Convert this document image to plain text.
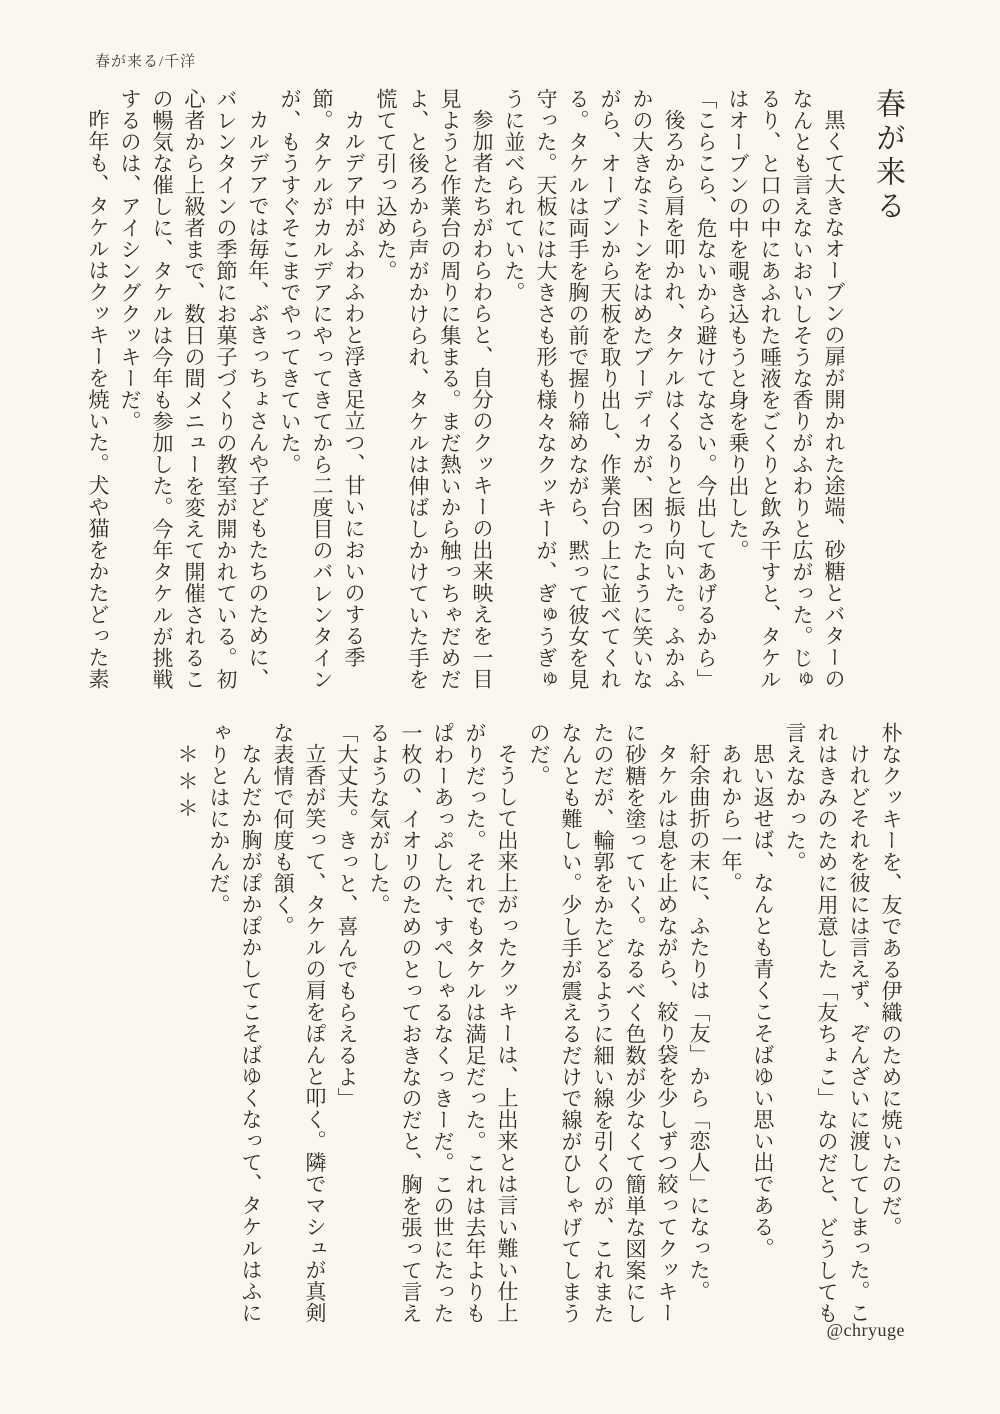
春が来る/千洋
春が来る

黒くて大きなオーブンの扉が開かれた途端、砂糖とバターのなんとも言えないおいしそうな香りがふわりと広がった。じゅるり、と口の中にあふれた唾液をごくりと飲み干すと、タケルはオーブンの中を覗き込もうと身を乗り出した。

「こらこら、危ないから避けてなさい。今出してあげるから」

後ろから肩を叩かれ、タケルはくるりと振り向いた。ふかふかの大きなミトンをはめたブーディカが、困ったように笑いながら、オーブンから天板を取り出し、作業台の上に並べてくれる。タケルは両手を胸の前で握り締めながら、黙って彼女を見守った。天板には大きさも形も様々なクッキーが、ぎゅうぎゅうに並べられていた。

参加者たちがわらわらと、自分のクッキーの出来映えを一目見ようと作業台の周りに集まる。まだ熱いから触っちゃだめだよ、と後ろから声がかけられ、タケルは伸ばしかけていた手を慌てて引っ込めた。

カルデア中がふわふわと浮き足立つ、甘いにおいのする季節。タケルがカルデアにやってきてから二度目のバレンタインが、もうすぐそこまでやってきていた。

カルデアでは毎年、ぶきっちょさんや子どもたちのために、バレンタインの季節にお菓子づくりの教室が開かれている。初心者から上級者まで、数日の間メニューを変えて開催されるこの暢気な催しに、タケルは今年も参加した。今年タケルが挑戦するのは、アイシングクッキーだ。

昨年も、タケルはクッキーを焼いた。犬や猫をかたどった素

朴なクッキーを、友である伊織のために焼いたのだ。

けれどそれを彼には言えず、ぞんざいに渡してしまった。これはきみのために用意した「友ちょこ」なのだと、どうしても言えなかった。

思い返せば、なんとも青くこそばゆい思い出である。

あれから一年。

紆余曲折の末に、ふたりは「友」から「恋人」になった。

タケルは息を止めながら、絞り袋を少しずつ絞ってクッキーに砂糖を塗っていく。なるべく色数が少なくて簡単な図案にしたのだが、輪郭をかたどるように細い線を引くのが、これまたなんとも難しい。少し手が震えるだけで線がひしゃげてしまうのだ。

そうして出来上がったクッキーは、上出来とは言い難い仕上がりだった。それでもタケルは満足だった。これは去年よりもぱわーあっぷした、すぺしゃるなくっきーだ。この世にたった一枚の、イオリのためのとっておきなのだと、胸を張って言えるような気がした。

「大丈夫。きっと、喜んでもらえるよ」

立香が笑って、タケルの肩をぽんと叩く。隣でマシュが真剣な表情で何度も頷く。

なんだか胸がぽかぽかしてこそばゆくなって、タケルはふにゃりとはにかんだ。

＊＊＊

@chryuge
